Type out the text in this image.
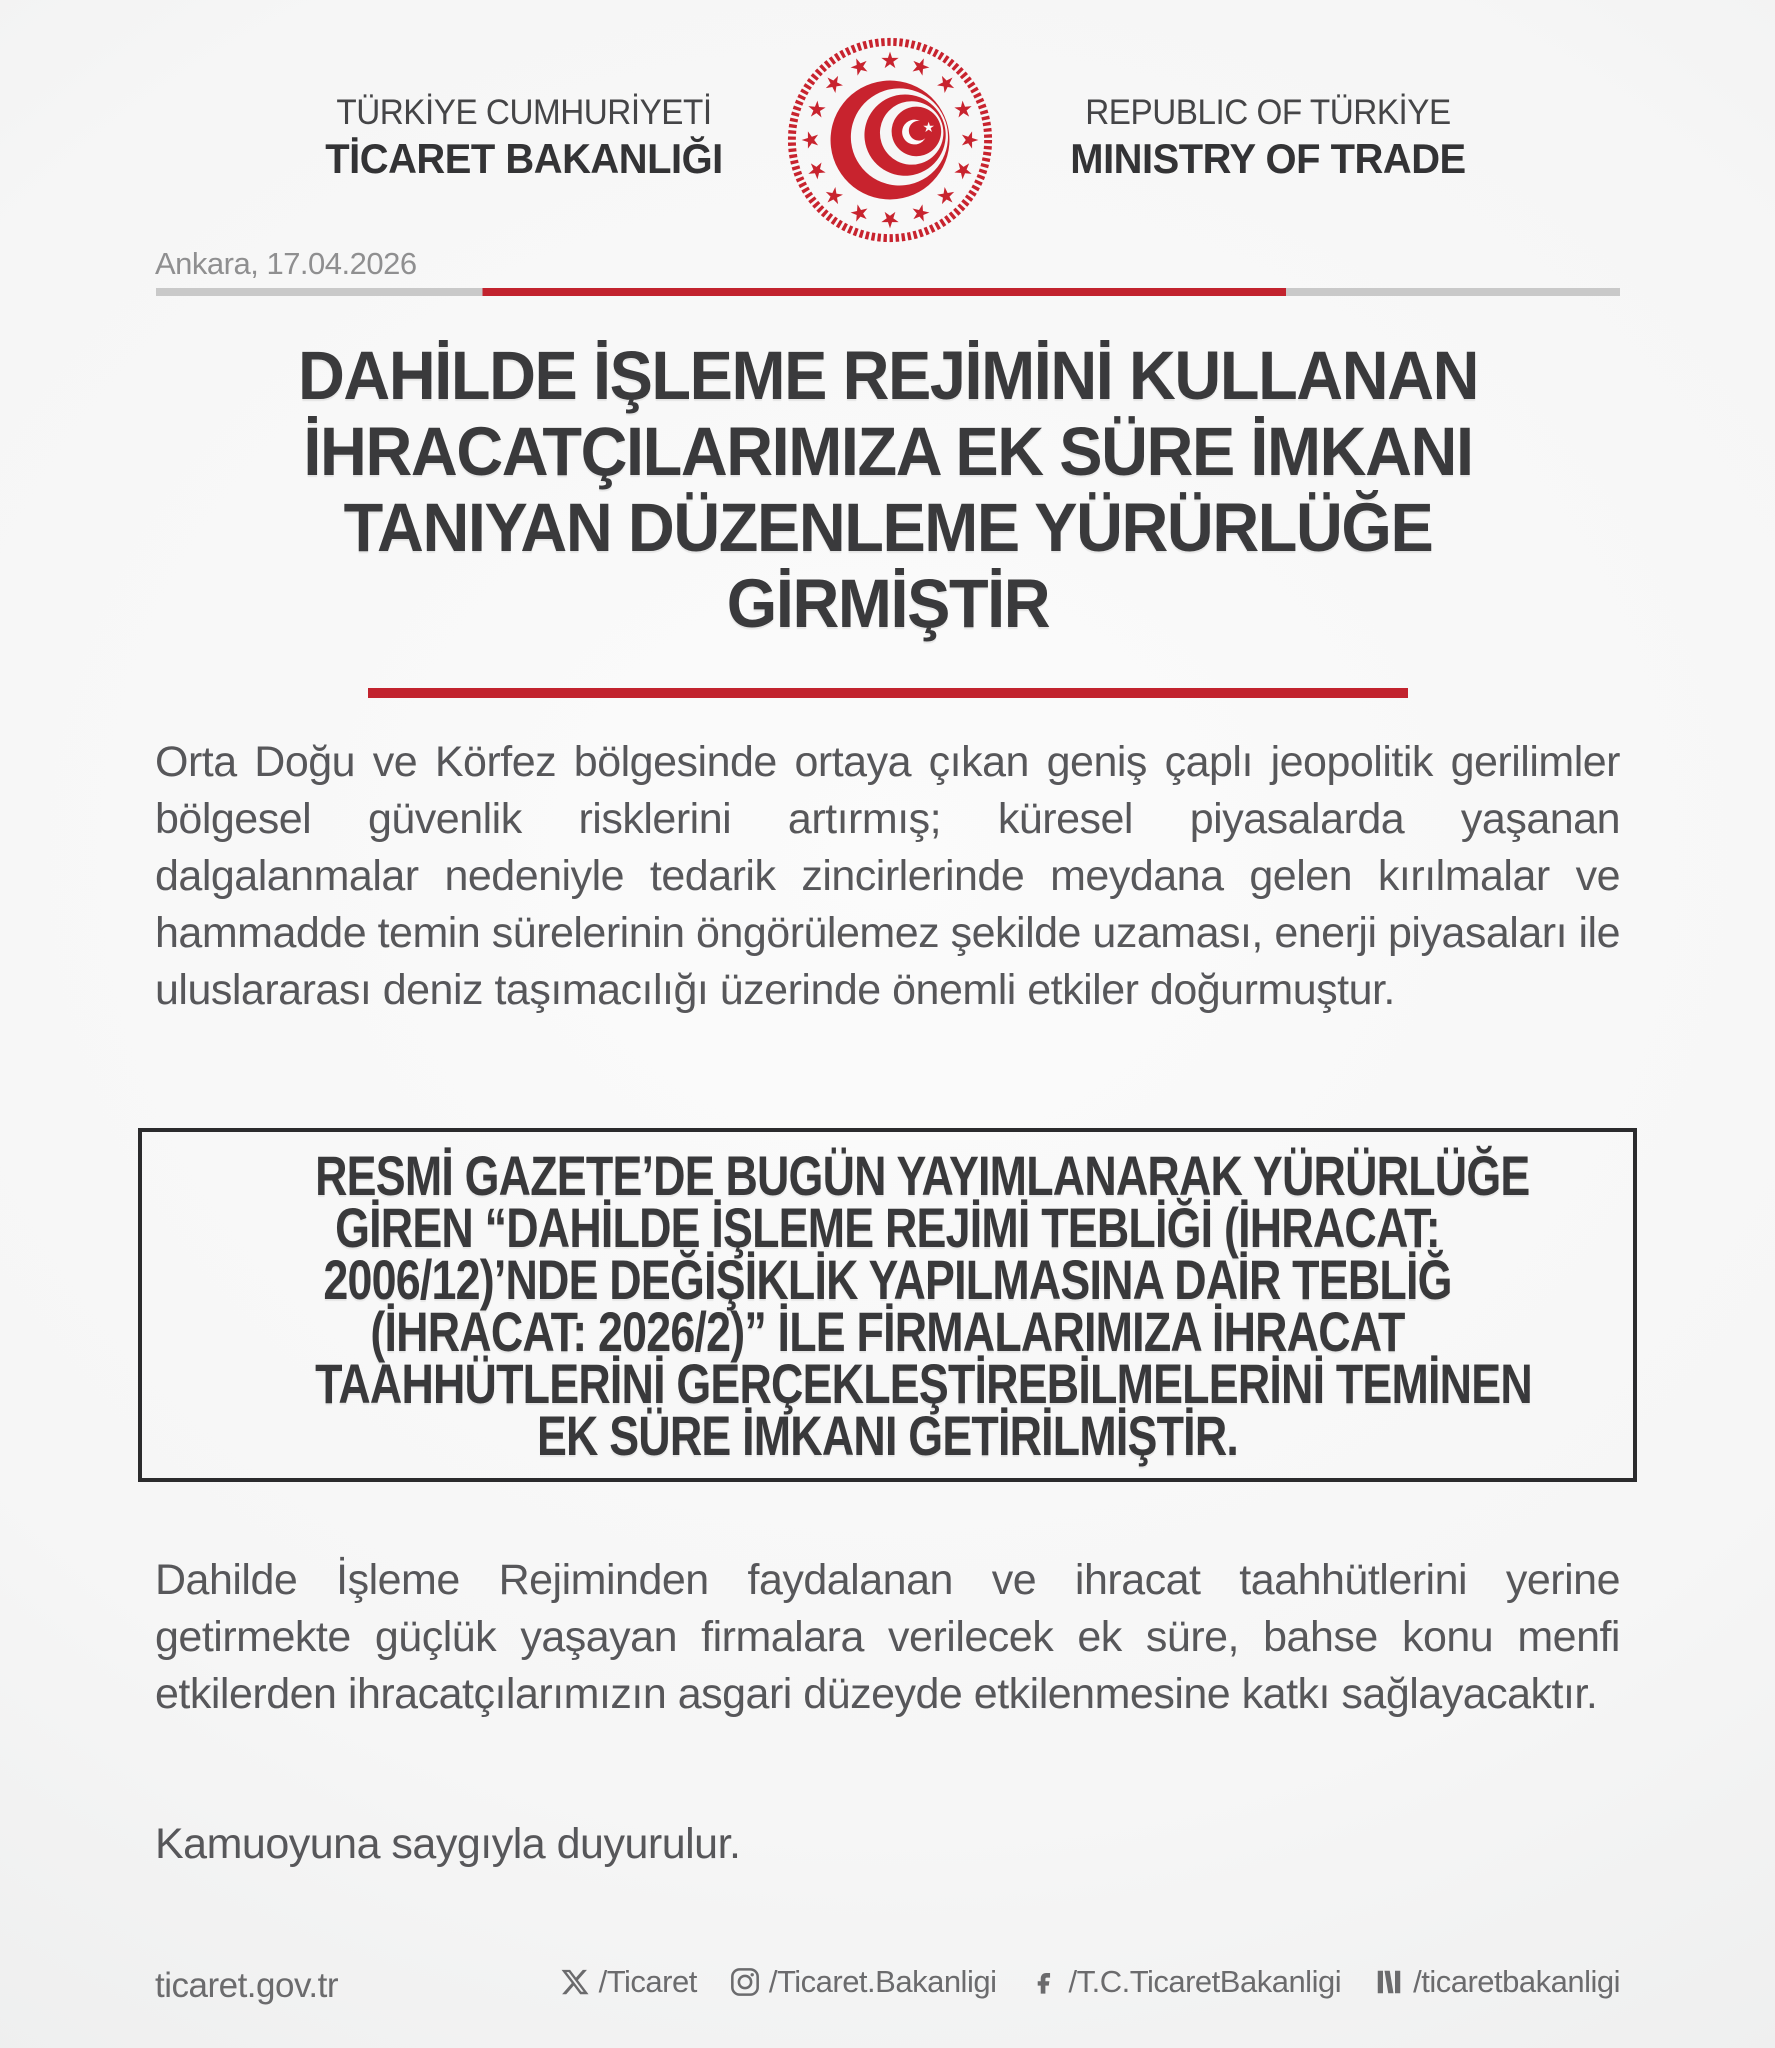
TÜRKİYE CUMHURİYETİ
TİCARET BAKANLIĞI
REPUBLIC OF TÜRKİYE
MINISTRY OF TRADE
Ankara, 17.04.2026
DAHİLDE İŞLEME REJİMİNİ KULLANAN
İHRACATÇILARIMIZA EK SÜRE İMKANI
TANIYAN DÜZENLEME YÜRÜRLÜĞE
GİRMİŞTİR
Orta Doğu ve Körfez bölgesinde ortaya çıkan geniş çaplı jeopolitik gerilimler bölgesel güvenlik risklerini artırmış; küresel piyasalarda yaşanan dalgalanmalar nedeniyle tedarik zincirlerinde meydana gelen kırılmalar ve hammadde temin sürelerinin öngörülemez şekilde uzaması, enerji piyasaları ile uluslararası deniz taşımacılığı üzerinde önemli etkiler doğurmuştur.
RESMİ GAZETE’DE BUGÜN YAYIMLANARAK YÜRÜRLÜĞE
GİREN “DAHİLDE İŞLEME REJİMİ TEBLİĞİ (İHRACAT:
2006/12)’NDE DEĞİŞİKLİK YAPILMASINA DAİR TEBLİĞ
(İHRACAT: 2026/2)” İLE FİRMALARIMIZA İHRACAT
TAAHHÜTLERİNİ GERÇEKLEŞTİREBİLMELERİNİ TEMİNEN
EK SÜRE İMKANI GETİRİLMİŞTİR.
Dahilde İşleme Rejiminden faydalanan ve ihracat taahhütlerini yerine getirmekte güçlük yaşayan firmalara verilecek ek süre, bahse konu menfi etkilerden ihracatçılarımızın asgari düzeyde etkilenmesine katkı sağlayacaktır.
Kamuoyuna saygıyla duyurulur.
ticaret.gov.tr	/Ticaret /Ticaret.Bakanligi /T.C.TicaretBakanligi /ticaretbakanligi
